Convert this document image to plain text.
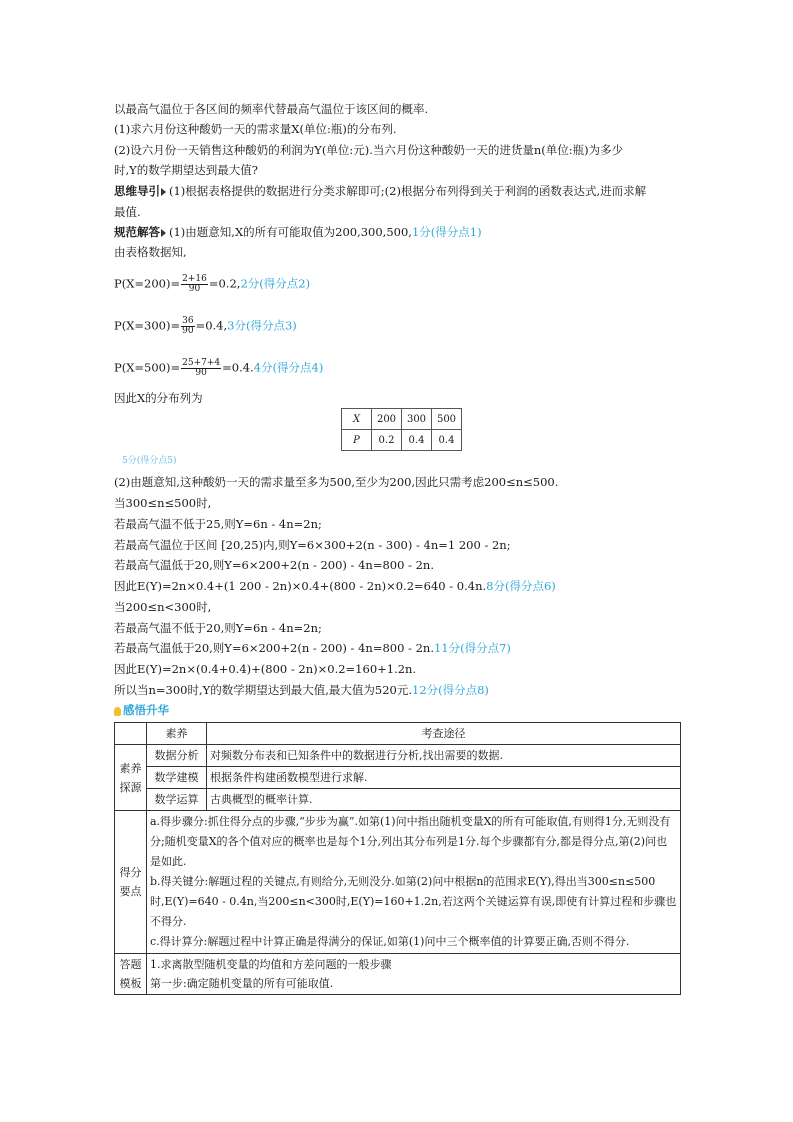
以最高气温位于各区间的频率代替最高气温位于该区间的概率.
(1)求六月份这种酸奶一天的需求量X(单位:瓶)的分布列.
(2)设六月份一天销售这种酸奶的利润为Y(单位:元).当六月份这种酸奶一天的进货量n(单位:瓶)为多少
时,Y的数学期望达到最大值?
思维导引 (1)根据表格提供的数据进行分类求解即可;(2)根据分布列得到关于利润的函数表达式,进而求解
最值.
规范解答 (1)由题意知,X的所有可能取值为200,300,500,1分(得分点1)
由表格数据知,
$P(X=200)= \frac{2+16}{90} =0.2,2$分(得分点2)
$P(X=300)= \frac{36}{90} =0.4,3$分(得分点3)
$P(X=500)= \frac{25+7+4}{90} =0.4.4$分(得分点4)
因此X的分布列为
X	200	300	500
P	0.2	0.4	0.4
5分(得分点5)
(2)由题意知,这种酸奶一天的需求量至多为500,至少为200,因此只需考虑200≤n≤500.
当300≤n≤500时,
若最高气温不低于25,则Y=6n - 4n=2n;
若最高气温位于区间 [20,25)内,则Y=6×300+2(n - 300) - 4n=1 200 - 2n;
若最高气温低于20,则Y=6×200+2(n - 200) - 4n=800 - 2n.
因此E(Y)=2n×0.4+(1 200 - 2n)×0.4+(800 - 2n)×0.2=640 - 0.4n.8分(得分点6)
当200≤n<300时,
若最高气温不低于20,则Y=6n - 4n=2n;
若最高气温低于20,则Y=6×200+2(n - 200) - 4n=800 - 2n.11分(得分点7)
因此E(Y)=2n×(0.4+0.4)+(800 - 2n)×0.2=160+1.2n.
所以当n=300时,Y的数学期望达到最大值,最大值为520元.12分(得分点8)
感悟升华
	素养	考查途径
素养探源	数据分析	对频数分布表和已知条件中的数据进行分析,找出需要的数据.
	数学建模	根据条件构建函数模型进行求解.
	数学运算	古典概型的概率计算.
得分要点	a.得步骤分:抓住得分点的步骤,“步步为赢”.如第(1)问中指出随机变量X的所有可能取值,有则得1分,无则没有分;随机变量X的各个值对应的概率也是每个1分,列出其分布列是1分.每个步骤都有分,都是得分点,第(2)问也是如此.
b.得关键分:解题过程的关键点,有则给分,无则没分.如第(2)问中根据n的范围求E(Y),得出当300≤n≤500时,E(Y)=640 - 0.4n,当200≤n<300时,E(Y)=160+1.2n,若这两个关键运算有误,即使有计算过程和步骤也不得分.
c.得计算分:解题过程中计算正确是得满分的保证,如第(1)问中三个概率值的计算要正确,否则不得分.	

答题模板	1.求离散型随机变量的均值和方差问题的一般步骤
第一步:确定随机变量的所有可能取值.	
